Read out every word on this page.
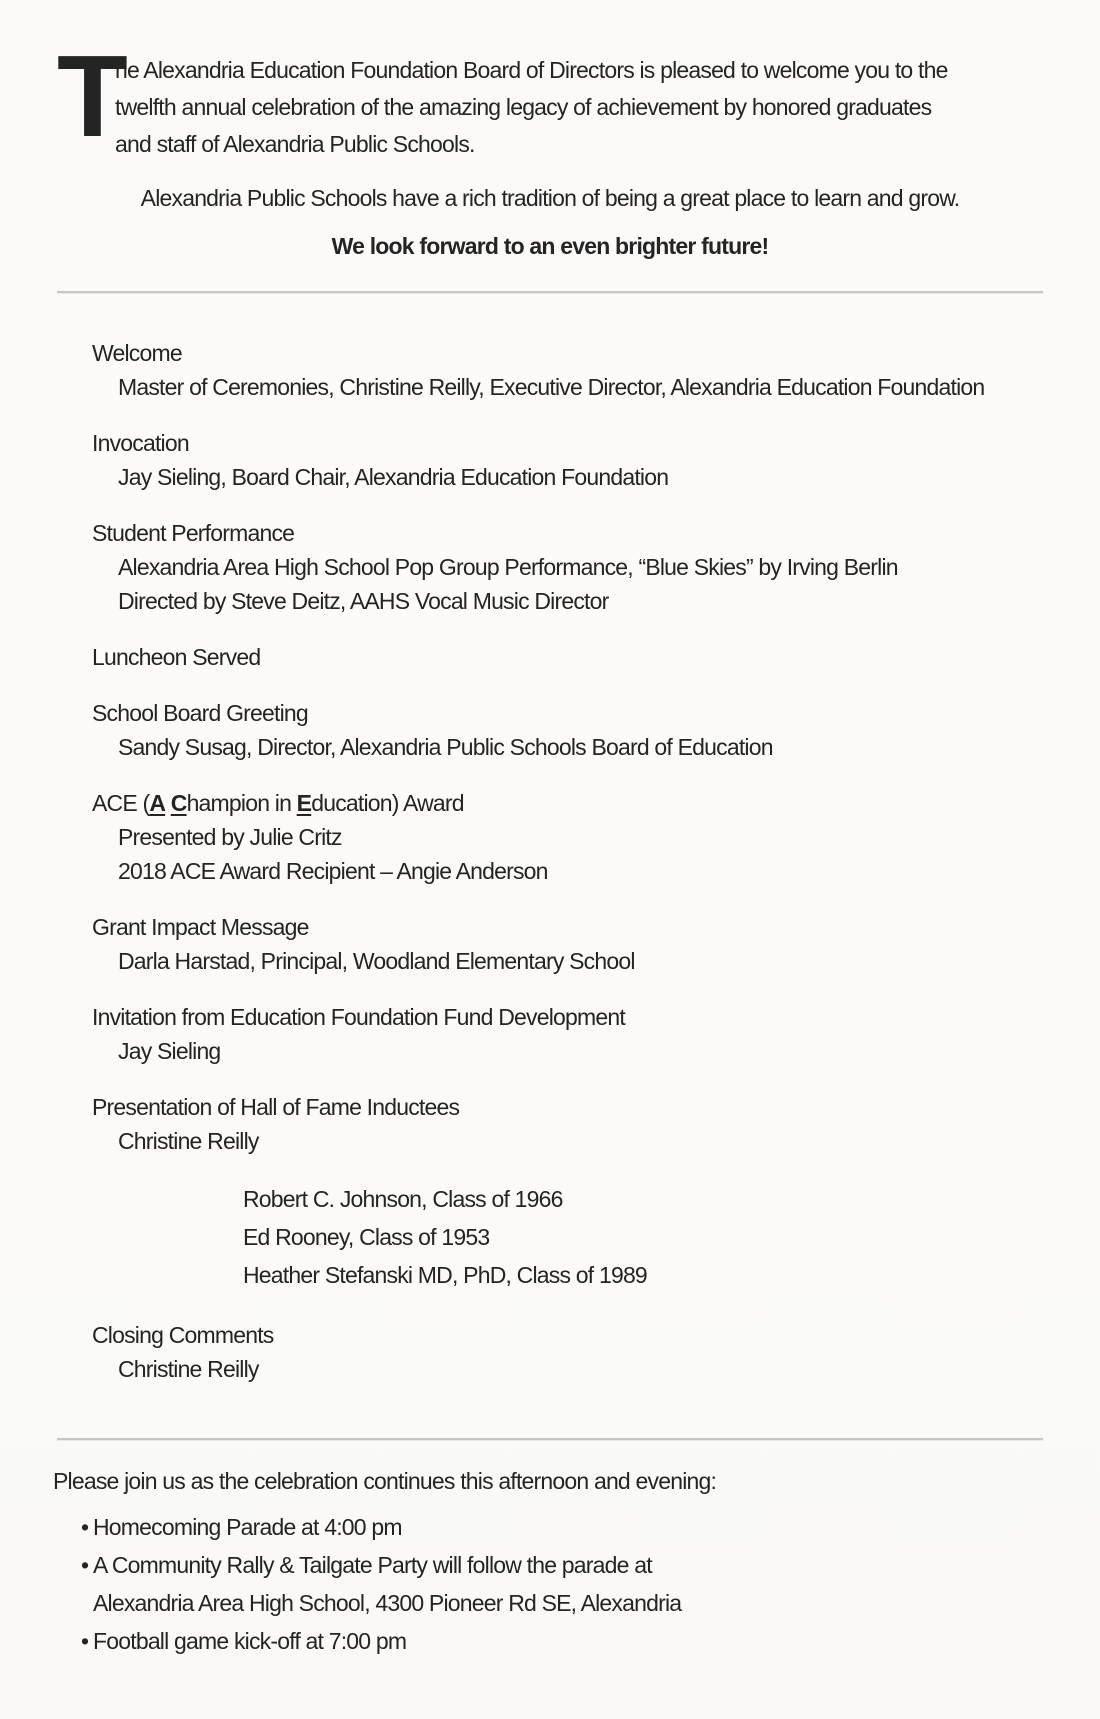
T
he Alexandria Education Foundation Board of Directors is pleased to welcome you to the
twelfth annual celebration of the amazing legacy of achievement by honored graduates
and staff of Alexandria Public Schools.
Alexandria Public Schools have a rich tradition of being a great place to learn and grow.
We look forward to an even brighter future!
Welcome
Master of Ceremonies, Christine Reilly, Executive Director, Alexandria Education Foundation
Invocation
Jay Sieling, Board Chair, Alexandria Education Foundation
Student Performance
Alexandria Area High School Pop Group Performance, “Blue Skies” by Irving Berlin
Directed by Steve Deitz, AAHS Vocal Music Director
Luncheon Served
School Board Greeting
Sandy Susag, Director, Alexandria Public Schools Board of Education
ACE (A Champion in Education) Award
Presented by Julie Critz
2018 ACE Award Recipient – Angie Anderson
Grant Impact Message
Darla Harstad, Principal, Woodland Elementary School
Invitation from Education Foundation Fund Development
Jay Sieling
Presentation of Hall of Fame Inductees
Christine Reilly
Robert C. Johnson, Class of 1966
Ed Rooney, Class of 1953
Heather Stefanski MD, PhD, Class of 1989
Closing Comments
Christine Reilly
Please join us as the celebration continues this afternoon and evening:
• Homecoming Parade at 4:00 pm
• A Community Rally & Tailgate Party will follow the parade at Alexandria Area High School, 4300 Pioneer Rd SE, Alexandria
• Football game kick-off at 7:00 pm
